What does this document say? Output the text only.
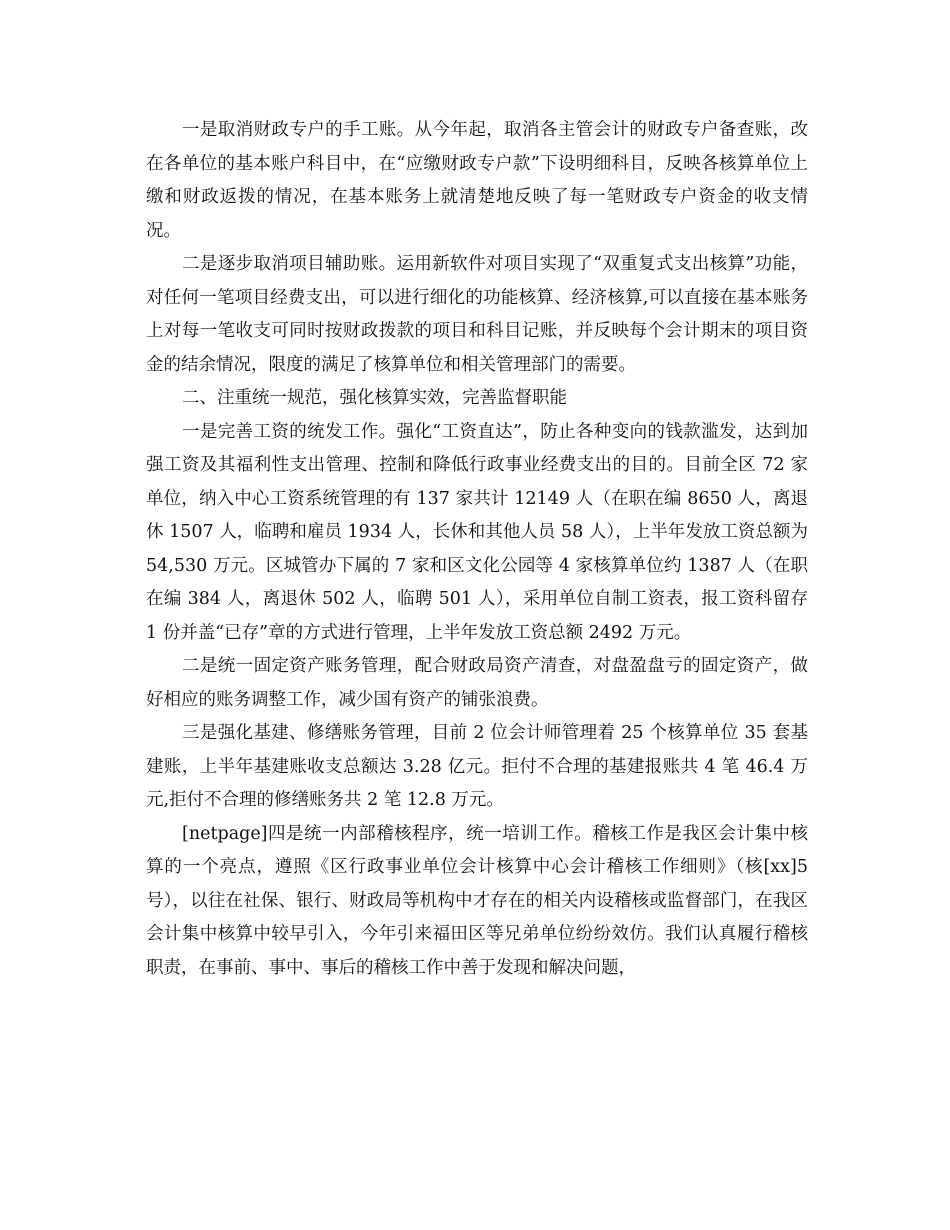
一是取消财政专户的手工账。从今年起，取消各主管会计的财政专户备查账，改在各单位的基本账户科目中，在“应缴财政专户款”下设明细科目，反映各核算单位上缴和财政返拨的情况，在基本账务上就清楚地反映了每一笔财政专户资金的收支情况。

二是逐步取消项目辅助账。运用新软件对项目实现了“双重复式支出核算”功能，对任何一笔项目经费支出，可以进行细化的功能核算、经济核算,可以直接在基本账务上对每一笔收支可同时按财政拨款的项目和科目记账，并反映每个会计期末的项目资金的结余情况，限度的满足了核算单位和相关管理部门的需要。

二、注重统一规范，强化核算实效，完善监督职能

一是完善工资的统发工作。强化“工资直达”，防止各种变向的钱款滥发，达到加强工资及其福利性支出管理、控制和降低行政事业经费支出的目的。目前全区 72 家单位，纳入中心工资系统管理的有 137 家共计 12149 人（在职在编 8650 人，离退休 1507 人，临聘和雇员 1934 人，长休和其他人员 58 人），上半年发放工资总额为 54,530 万元。区城管办下属的 7 家和区文化公园等 4 家核算单位约 1387 人（在职在编 384 人，离退休 502 人，临聘 501 人），采用单位自制工资表，报工资科留存 1 份并盖“已存”章的方式进行管理，上半年发放工资总额 2492 万元。

二是统一固定资产账务管理，配合财政局资产清查，对盘盈盘亏的固定资产，做好相应的账务调整工作，减少国有资产的铺张浪费。

三是强化基建、修缮账务管理，目前 2 位会计师管理着 25 个核算单位 35 套基建账，上半年基建账收支总额达 3.28 亿元。拒付不合理的基建报账共 4 笔 46.4 万元,拒付不合理的修缮账务共 2 笔 12.8 万元。

[netpage]四是统一内部稽核程序，统一培训工作。稽核工作是我区会计集中核算的一个亮点，遵照《区行政事业单位会计核算中心会计稽核工作细则》（核[xx]5 号），以往在社保、银行、财政局等机构中才存在的相关内设稽核或监督部门，在我区会计集中核算中较早引入，今年引来福田区等兄弟单位纷纷效仿。我们认真履行稽核职责，在事前、事中、事后的稽核工作中善于发现和解决问题，
